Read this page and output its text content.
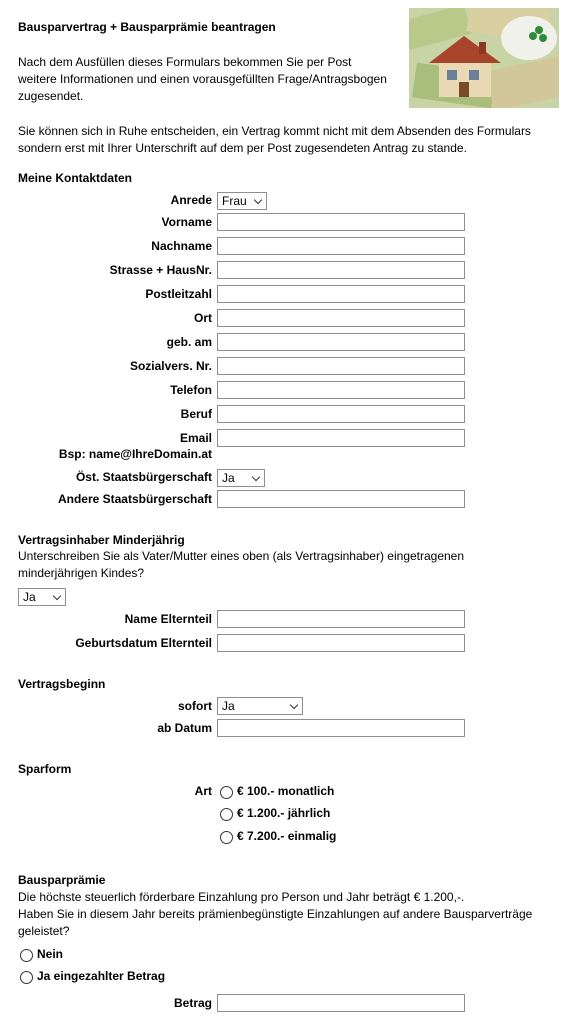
Bausparvertrag + Bausparprämie beantragen
Nach dem Ausfüllen dieses Formulars bekommen Sie per Post
weitere Informationen und einen vorausgefüllten Frage/Antragsbogen
zugesendet.
Sie können sich in Ruhe entscheiden, ein Vertrag kommt nicht mit dem Absenden des Formulars
sondern erst mit Ihrer Unterschrift auf dem per Post zugesendeten Antrag zu stande.
Meine Kontaktdaten
Anrede Frau
Vorname
Nachname
Strasse + HausNr.
Postleitzahl
Ort
geb. am
Sozialvers. Nr.
Telefon
Beruf
Email
Bsp: name@IhreDomain.at
Öst. Staatsbürgerschaft Ja
Andere Staatsbürgerschaft
Vertragsinhaber Minderjährig
Unterschreiben Sie als Vater/Mutter eines oben (als Vertragsinhaber) eingetragenen
minderjährigen Kindes?
Ja
Name Elternteil
Geburtsdatum Elternteil
Vertragsbeginn
sofort Ja
ab Datum
Sparform
Art € 100.- monatlich
€ 1.200.- jährlich
€ 7.200.- einmalig
Bausparprämie
Die höchste steuerlich förderbare Einzahlung pro Person und Jahr beträgt € 1.200,-.
Haben Sie in diesem Jahr bereits prämienbegünstigte Einzahlungen auf andere Bausparverträge
geleistet?
Nein
Ja eingezahlter Betrag
Betrag
